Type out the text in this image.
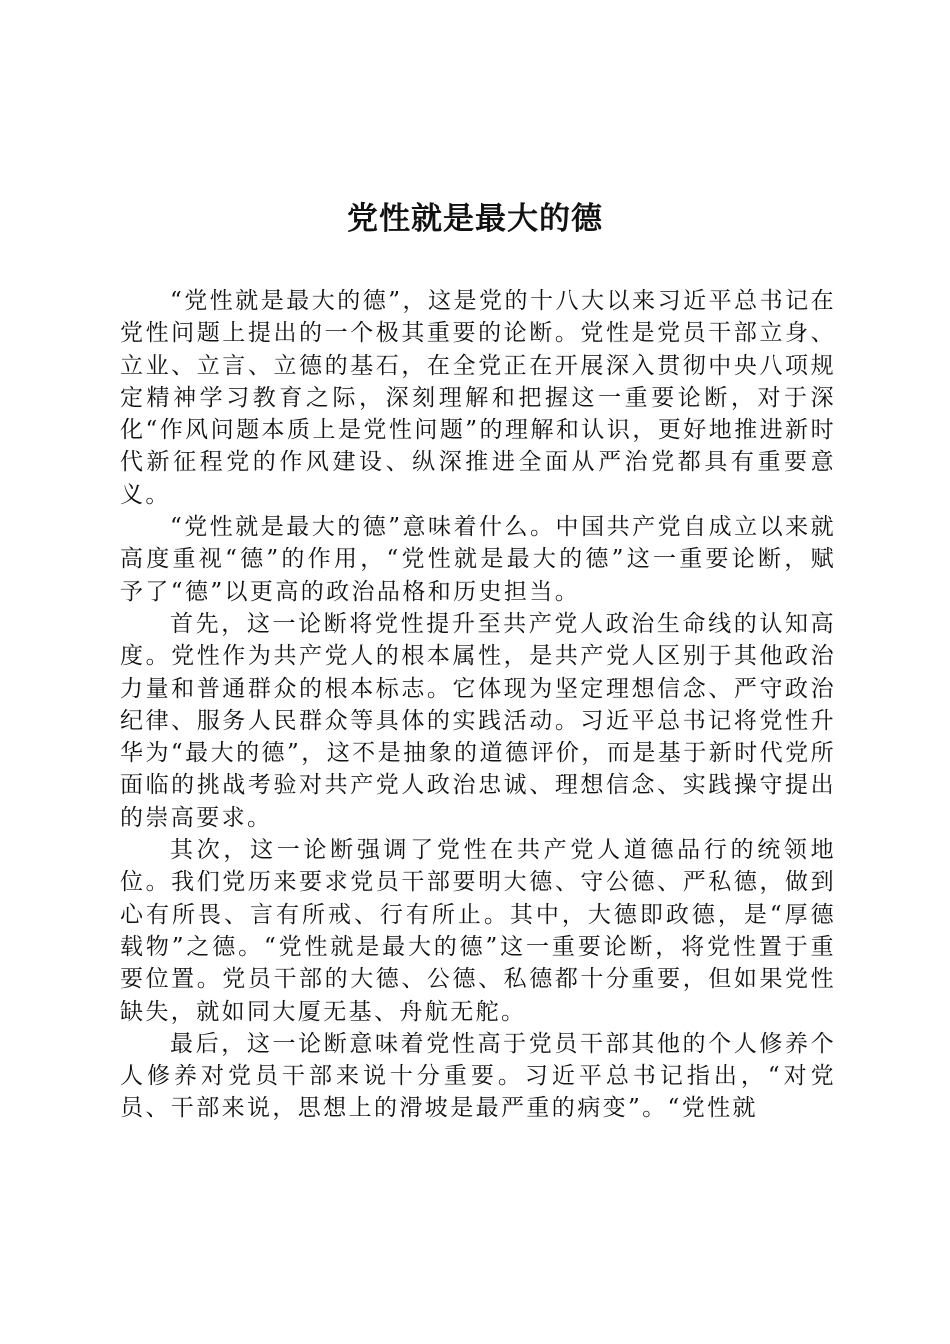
党性就是最大的德

“党性就是最大的德”，这是党的十八大以来习近平总书记在党性问题上提出的一个极其重要的论断。党性是党员干部立身、立业、立言、立德的基石，在全党正在开展深入贯彻中央八项规定精神学习教育之际，深刻理解和把握这一重要论断，对于深化“作风问题本质上是党性问题”的理解和认识，更好地推进新时代新征程党的作风建设、纵深推进全面从严治党都具有重要意义。

“党性就是最大的德”意味着什么。中国共产党自成立以来就高度重视“德”的作用，“党性就是最大的德”这一重要论断，赋予了“德”以更高的政治品格和历史担当。

首先，这一论断将党性提升至共产党人政治生命线的认知高度。党性作为共产党人的根本属性，是共产党人区别于其他政治力量和普通群众的根本标志。它体现为坚定理想信念、严守政治纪律、服务人民群众等具体的实践活动。习近平总书记将党性升华为“最大的德”，这不是抽象的道德评价，而是基于新时代党所面临的挑战考验对共产党人政治忠诚、理想信念、实践操守提出的崇高要求。

其次，这一论断强调了党性在共产党人道德品行的统领地位。我们党历来要求党员干部要明大德、守公德、严私德，做到心有所畏、言有所戒、行有所止。其中，大德即政德，是“厚德载物”之德。“党性就是最大的德”这一重要论断，将党性置于重要位置。党员干部的大德、公德、私德都十分重要，但如果党性缺失，就如同大厦无基、舟航无舵。

最后，这一论断意味着党性高于党员干部其他的个人修养个人修养对党员干部来说十分重要。习近平总书记指出，“对党员、干部来说，思想上的滑坡是最严重的病变”。“党性就
